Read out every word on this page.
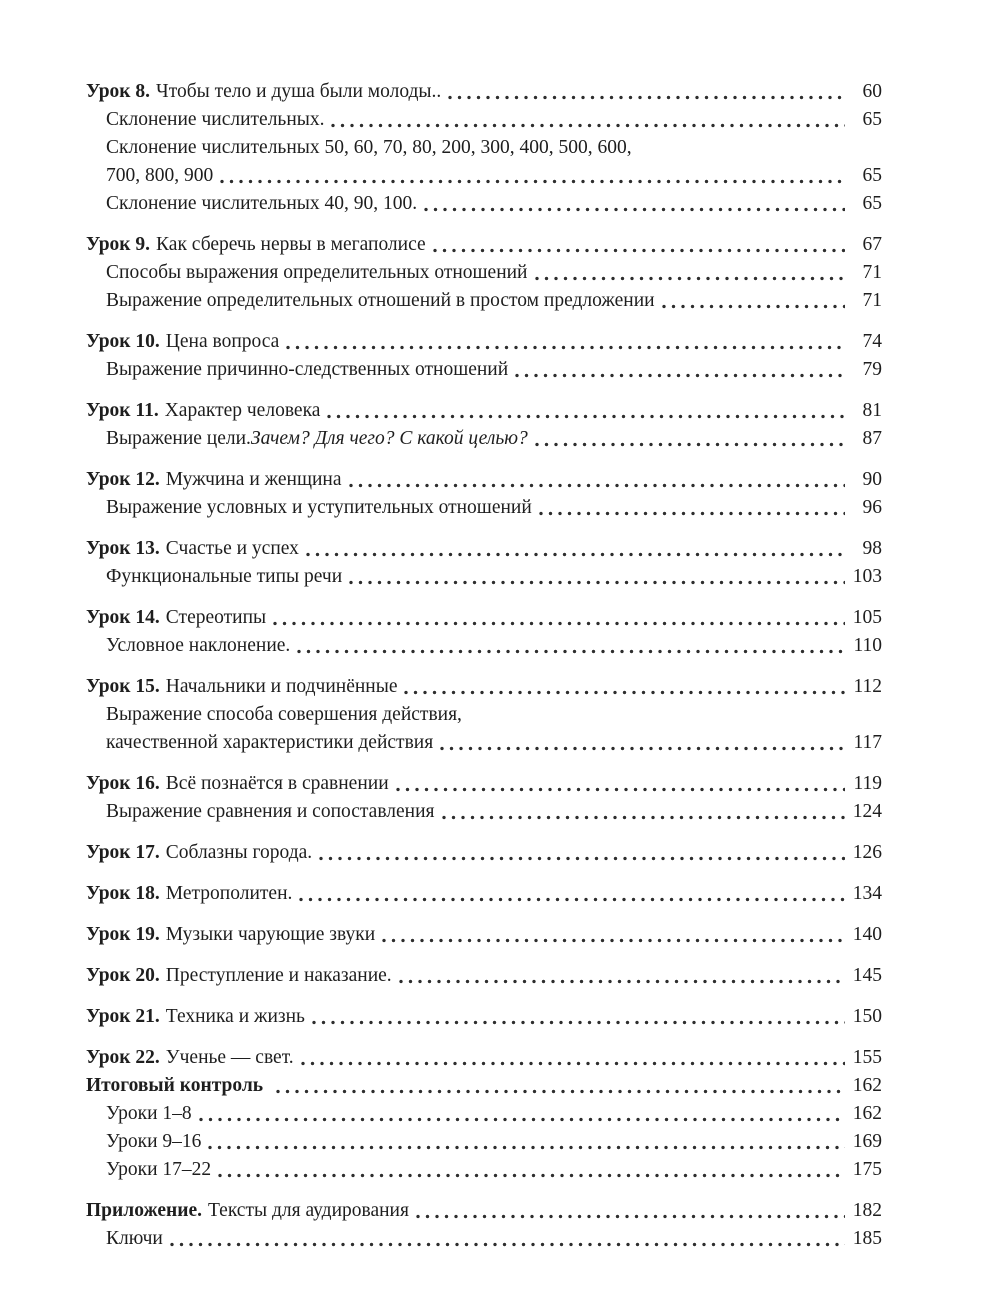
Урок 8. Чтобы тело и душа были молоды..	60
Склонение числительных.	65
Склонение числительных 50, 60, 70, 80, 200, 300, 400, 500, 600,
700, 800, 900	65
Склонение числительных 40, 90, 100.	65
Урок 9. Как сберечь нервы в мегаполисе	67
Способы выражения определительных отношений	71
Выражение определительных отношений в простом предложении	71
Урок 10. Цена вопроса	74
Выражение причинно-следственных отношений	79
Урок 11. Характер человека	81
Выражение цели. Зачем? Для чего? С какой целью?	87
Урок 12. Мужчина и женщина	90
Выражение условных и уступительных отношений	96
Урок 13. Счастье и успех	98
Функциональные типы речи	103
Урок 14. Стереотипы	105
Условное наклонение.	110
Урок 15. Начальники и подчинённые	112
Выражение способа совершения действия,
качественной характеристики действия	117
Урок 16. Всё познаётся в сравнении	119
Выражение сравнения и сопоставления	124
Урок 17. Соблазны города.	126
Урок 18. Метрополитен.	134
Урок 19. Музыки чарующие звуки	140
Урок 20. Преступление и наказание.	145
Урок 21. Техника и жизнь	150
Урок 22. Ученье — свет.	155
Итоговый контроль	162
Уроки 1–8	162
Уроки 9–16	169
Уроки 17–22	175
Приложение. Тексты для аудирования	182
Ключи	185
